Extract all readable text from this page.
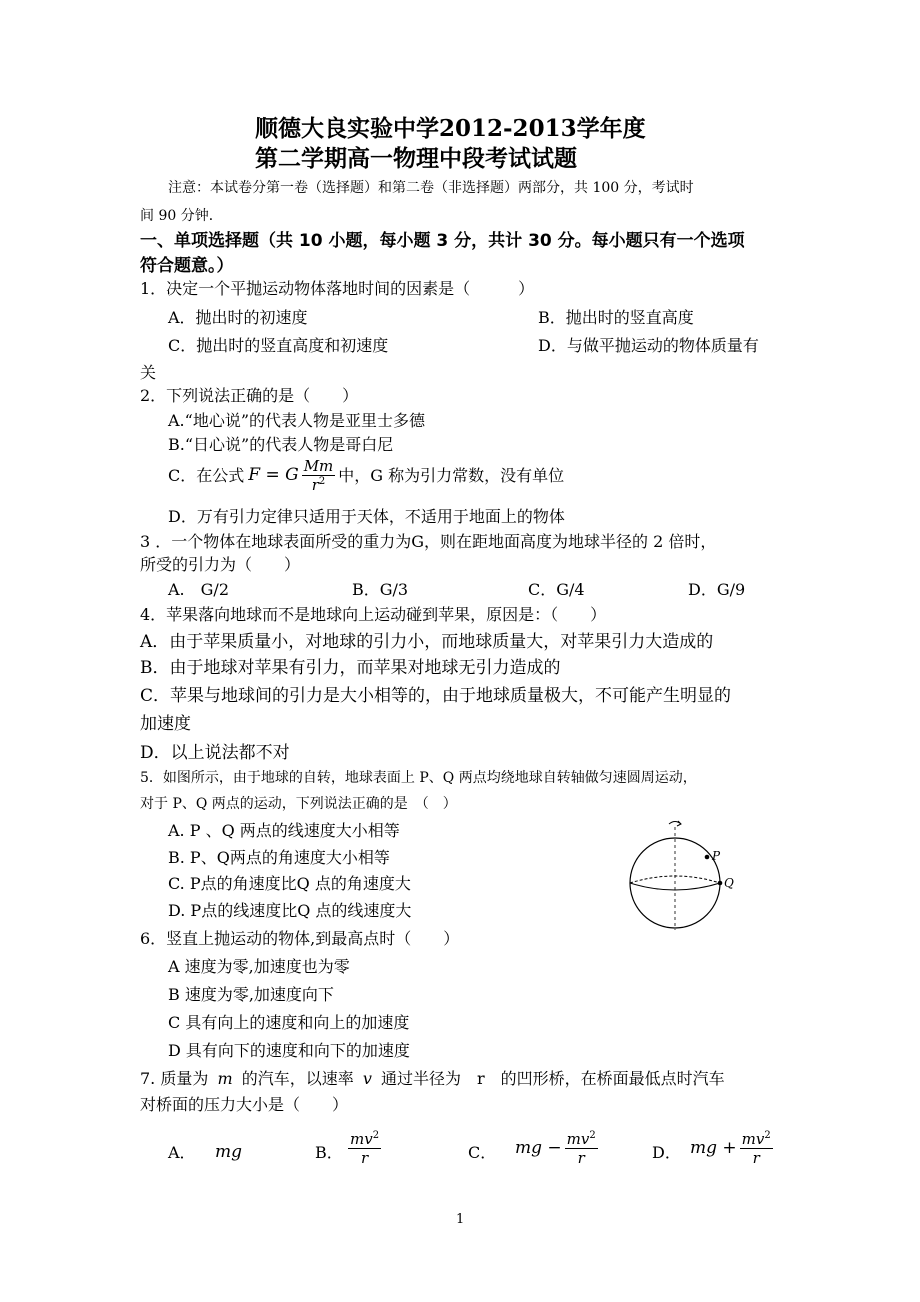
顺德大良实验中学2012-2013学年度
第二学期高一物理中段考试试题
注意：本试卷分第一卷（选择题）和第二卷（非选择题）两部分，共 100 分，考试时
间 90 分钟．
一、单项选择题（共 10 小题，每小题 3 分，共计 30 分。每小题只有一个选项
符合题意。）
1．决定一个平抛运动物体落地时间的因素是（　　　）
A．抛出时的初速度	B．抛出时的竖直高度
C．抛出时的竖直高度和初速度	D．与做平抛运动的物体质量有
关
2．下列说法正确的是（　　）
A.“地心说”的代表人物是亚里士多德
B.“日心说”的代表人物是哥白尼
C．在公式 F = G $\frac{Mm}{r^2}$ 中，G 称为引力常数，没有单位
D．万有引力定律只适用于天体，不适用于地面上的物体
3 ．一个物体在地球表面所受的重力为G，则在距地面高度为地球半径的 2 倍时，
所受的引力为（　　）
A.　G/2	B．G/3	C．G/4	D．G/9
4．苹果落向地球而不是地球向上运动碰到苹果，原因是：（　　）
A．由于苹果质量小，对地球的引力小，而地球质量大，对苹果引力大造成的
B．由于地球对苹果有引力，而苹果对地球无引力造成的
C．苹果与地球间的引力是大小相等的，由于地球质量极大，不可能产生明显的
加速度
D．以上说法都不对
5．如图所示，由于地球的自转，地球表面上 P、Q 两点均绕地球自转轴做匀速圆周运动，
对于 P、Q 两点的运动，下列说法正确的是　（　）
A. P 、Q 两点的线速度大小相等
B. P、Q两点的角速度大小相等
C. P点的角速度比Q 点的角速度大
D. P点的线速度比Q 点的线速度大
P
Q
6．竖直上抛运动的物体,到最高点时（　　）
A 速度为零,加速度也为零
B 速度为零,加速度向下
C 具有向上的速度和向上的加速度
D 具有向下的速度和向下的加速度
7. 质量为 m 的汽车，以速率 v 通过半径为　r　的凹形桥，在桥面最低点时汽车
对桥面的压力大小是（　　）
A． mg	B． $\frac{mv^2}{r}$	C． mg − $\frac{mv^2}{r}$	D． mg + $\frac{mv^2}{r}$
1
